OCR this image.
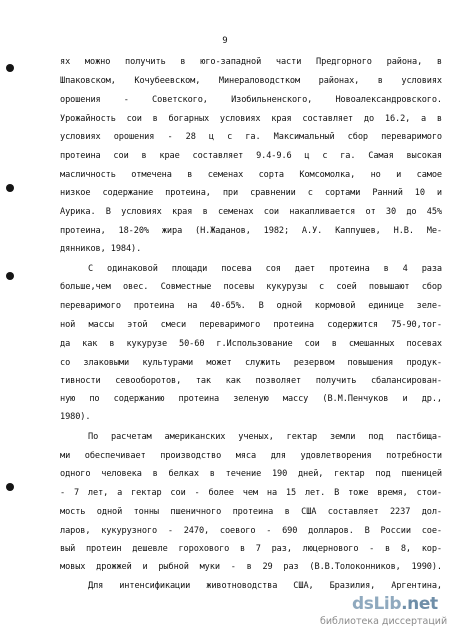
9
ях можно получить в юго-западной части Предгорного района, в
Шпаковском, Кочубеевском, Минераловодстком районах, в условиях
орошения - Советского, Изобильненского, Новоалександровского.
Урожайность сои в богарных условиях края составляет до 16.2, а в
условиях орошения - 28 ц с га. Максимальный сбор переваримого
протеина сои в крае составляет 9.4-9.6 ц с га. Самая высокая
масличность отмечена в семенах сорта Комсомолка, но и самое
низкое содержание протеина, при сравнении с сортами Ранний 10 и
Аурика. В условиях края в семенах сои накапливается от 30 до 45%
протеина, 18-20% жира (Н.Жаданов, 1982; А.У. Каппушев, Н.В. Ме-
дянников, 1984).
С одинаковой площади посева соя дает протеина в 4 раза
больше,чем овес. Совместные посевы кукурузы с соей повышают сбор
переваримого протеина на 40-65%. В одной кормовой единице зеле-
ной массы этой смеси переваримого протеина содержится 75-90,тог-
да как в кукурузе 50-60 г.Использование сои в смешанных посевах
со злаковыми культурами может служить резервом повышения продук-
тивности севооборотов, так как позволяет получить сбалансирован-
ную по содержанию протеина зеленую массу (В.М.Пенчуков и др.,
1980).
По расчетам американских ученых, гектар земли под пастбища-
ми обеспечивает производство мяса для удовлетворения потребности
одного человека в белках в течение 190 дней, гектар под пшеницей
- 7 лет, а гектар сои - более чем на 15 лет. В тоже время, стои-
мость одной тонны пшеничного протеина в США составляет 2237 дол-
ларов, кукурузного - 2470, соевого - 690 долларов. В России сое-
вый протеин дешевле горохового в 7 раз, люцернового - в 8, кор-
мовых дрожжей и рыбной муки - в 29 раз (В.В.Толоконников, 1990).
Для интенсификации животноводства США, Бразилия, Аргентина,
dsLib.net
библиотека диссертаций
